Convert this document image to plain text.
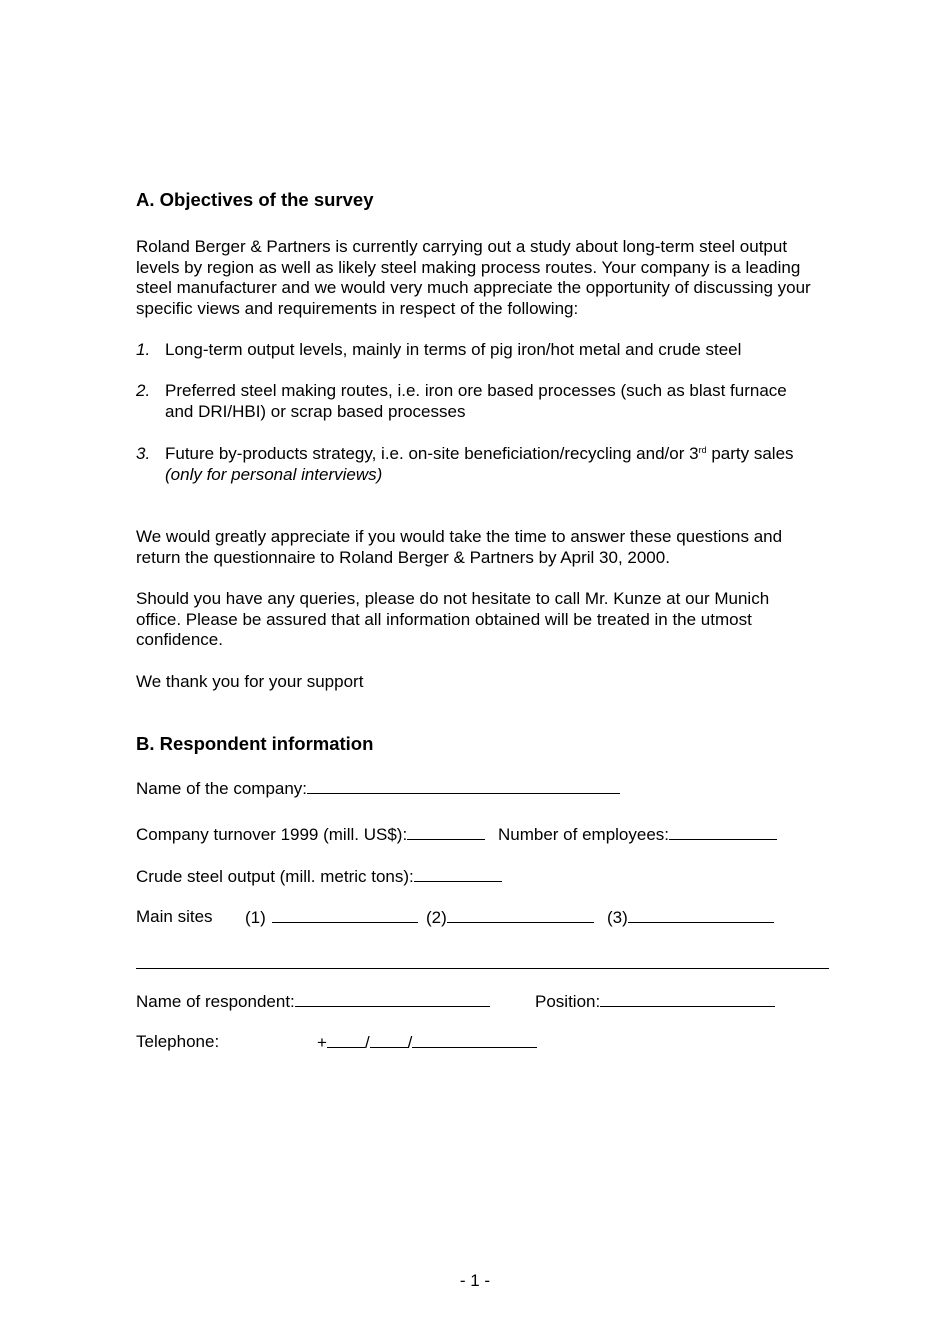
A. Objectives of the survey
Roland Berger & Partners is currently carrying out a study about long-term steel output
levels by region as well as likely steel making process routes. Your company is a leading
steel manufacturer and we would very much appreciate the opportunity of discussing your
specific views and requirements in respect of the following:
1. Long-term output levels, mainly in terms of pig iron/hot metal and crude steel
2. Preferred steel making routes, i.e. iron ore based processes (such as blast furnace
and DRI/HBI) or scrap based processes
3. Future by-products strategy, i.e. on-site beneficiation/recycling and/or 3rd party sales
(only for personal interviews)
We would greatly appreciate if you would take the time to answer these questions and
return the questionnaire to Roland Berger & Partners by April 30, 2000.
Should you have any queries, please do not hesitate to call Mr. Kunze at our Munich
office. Please be assured that all information obtained will be treated in the utmost
confidence.
We thank you for your support
B. Respondent information
Name of the company:
Company turnover 1999 (mill. US$):	Number of employees:
Crude steel output (mill. metric tons):
Main sites (1)	(2)	(3)
Name of respondent:	Position:
Telephone:	+ / /
- 1 -
